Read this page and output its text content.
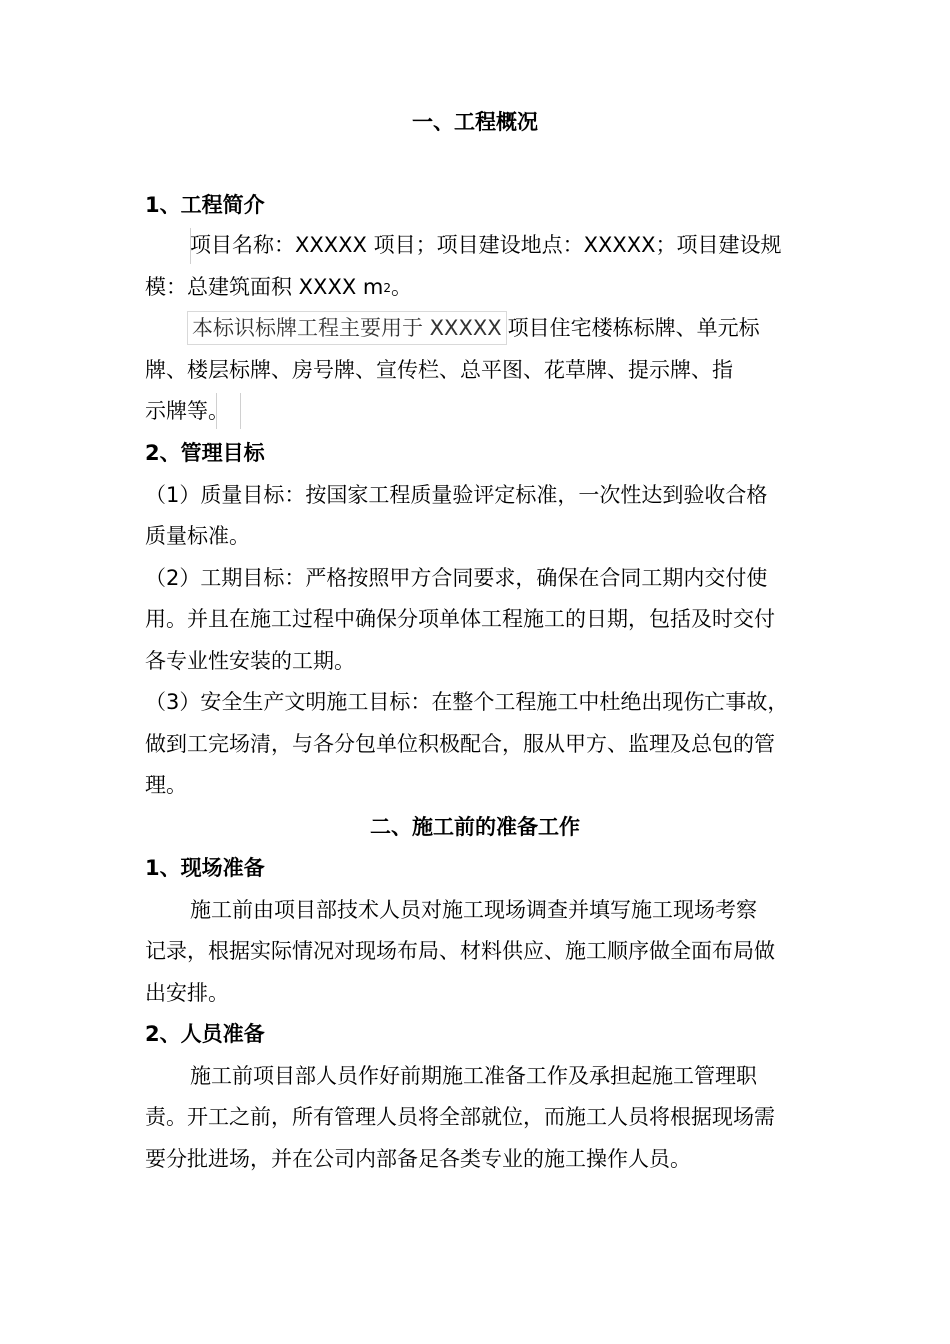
一、工程概况
1、工程简介
项目名称：XXXXX 项目；项目建设地点：XXXXX；项目建设规
模：总建筑面积 XXXX m2。
本标识标牌工程主要用于 XXXXX 项目住宅楼栋标牌、单元标
牌、楼层标牌、房号牌、宣传栏、总平图、花草牌、提示牌、指
示牌等。
2、管理目标
（1）质量目标：按国家工程质量验评定标准，一次性达到验收合格
质量标准。
（2）工期目标：严格按照甲方合同要求，确保在合同工期内交付使
用。并且在施工过程中确保分项单体工程施工的日期，包括及时交付
各专业性安装的工期。
（3）安全生产文明施工目标：在整个工程施工中杜绝出现伤亡事故，
做到工完场清，与各分包单位积极配合，服从甲方、监理及总包的管
理。
二、施工前的准备工作
1、现场准备
施工前由项目部技术人员对施工现场调查并填写施工现场考察
记录，根据实际情况对现场布局、材料供应、施工顺序做全面布局做
出安排。
2、人员准备
施工前项目部人员作好前期施工准备工作及承担起施工管理职
责。开工之前，所有管理人员将全部就位，而施工人员将根据现场需
要分批进场，并在公司内部备足各类专业的施工操作人员。
